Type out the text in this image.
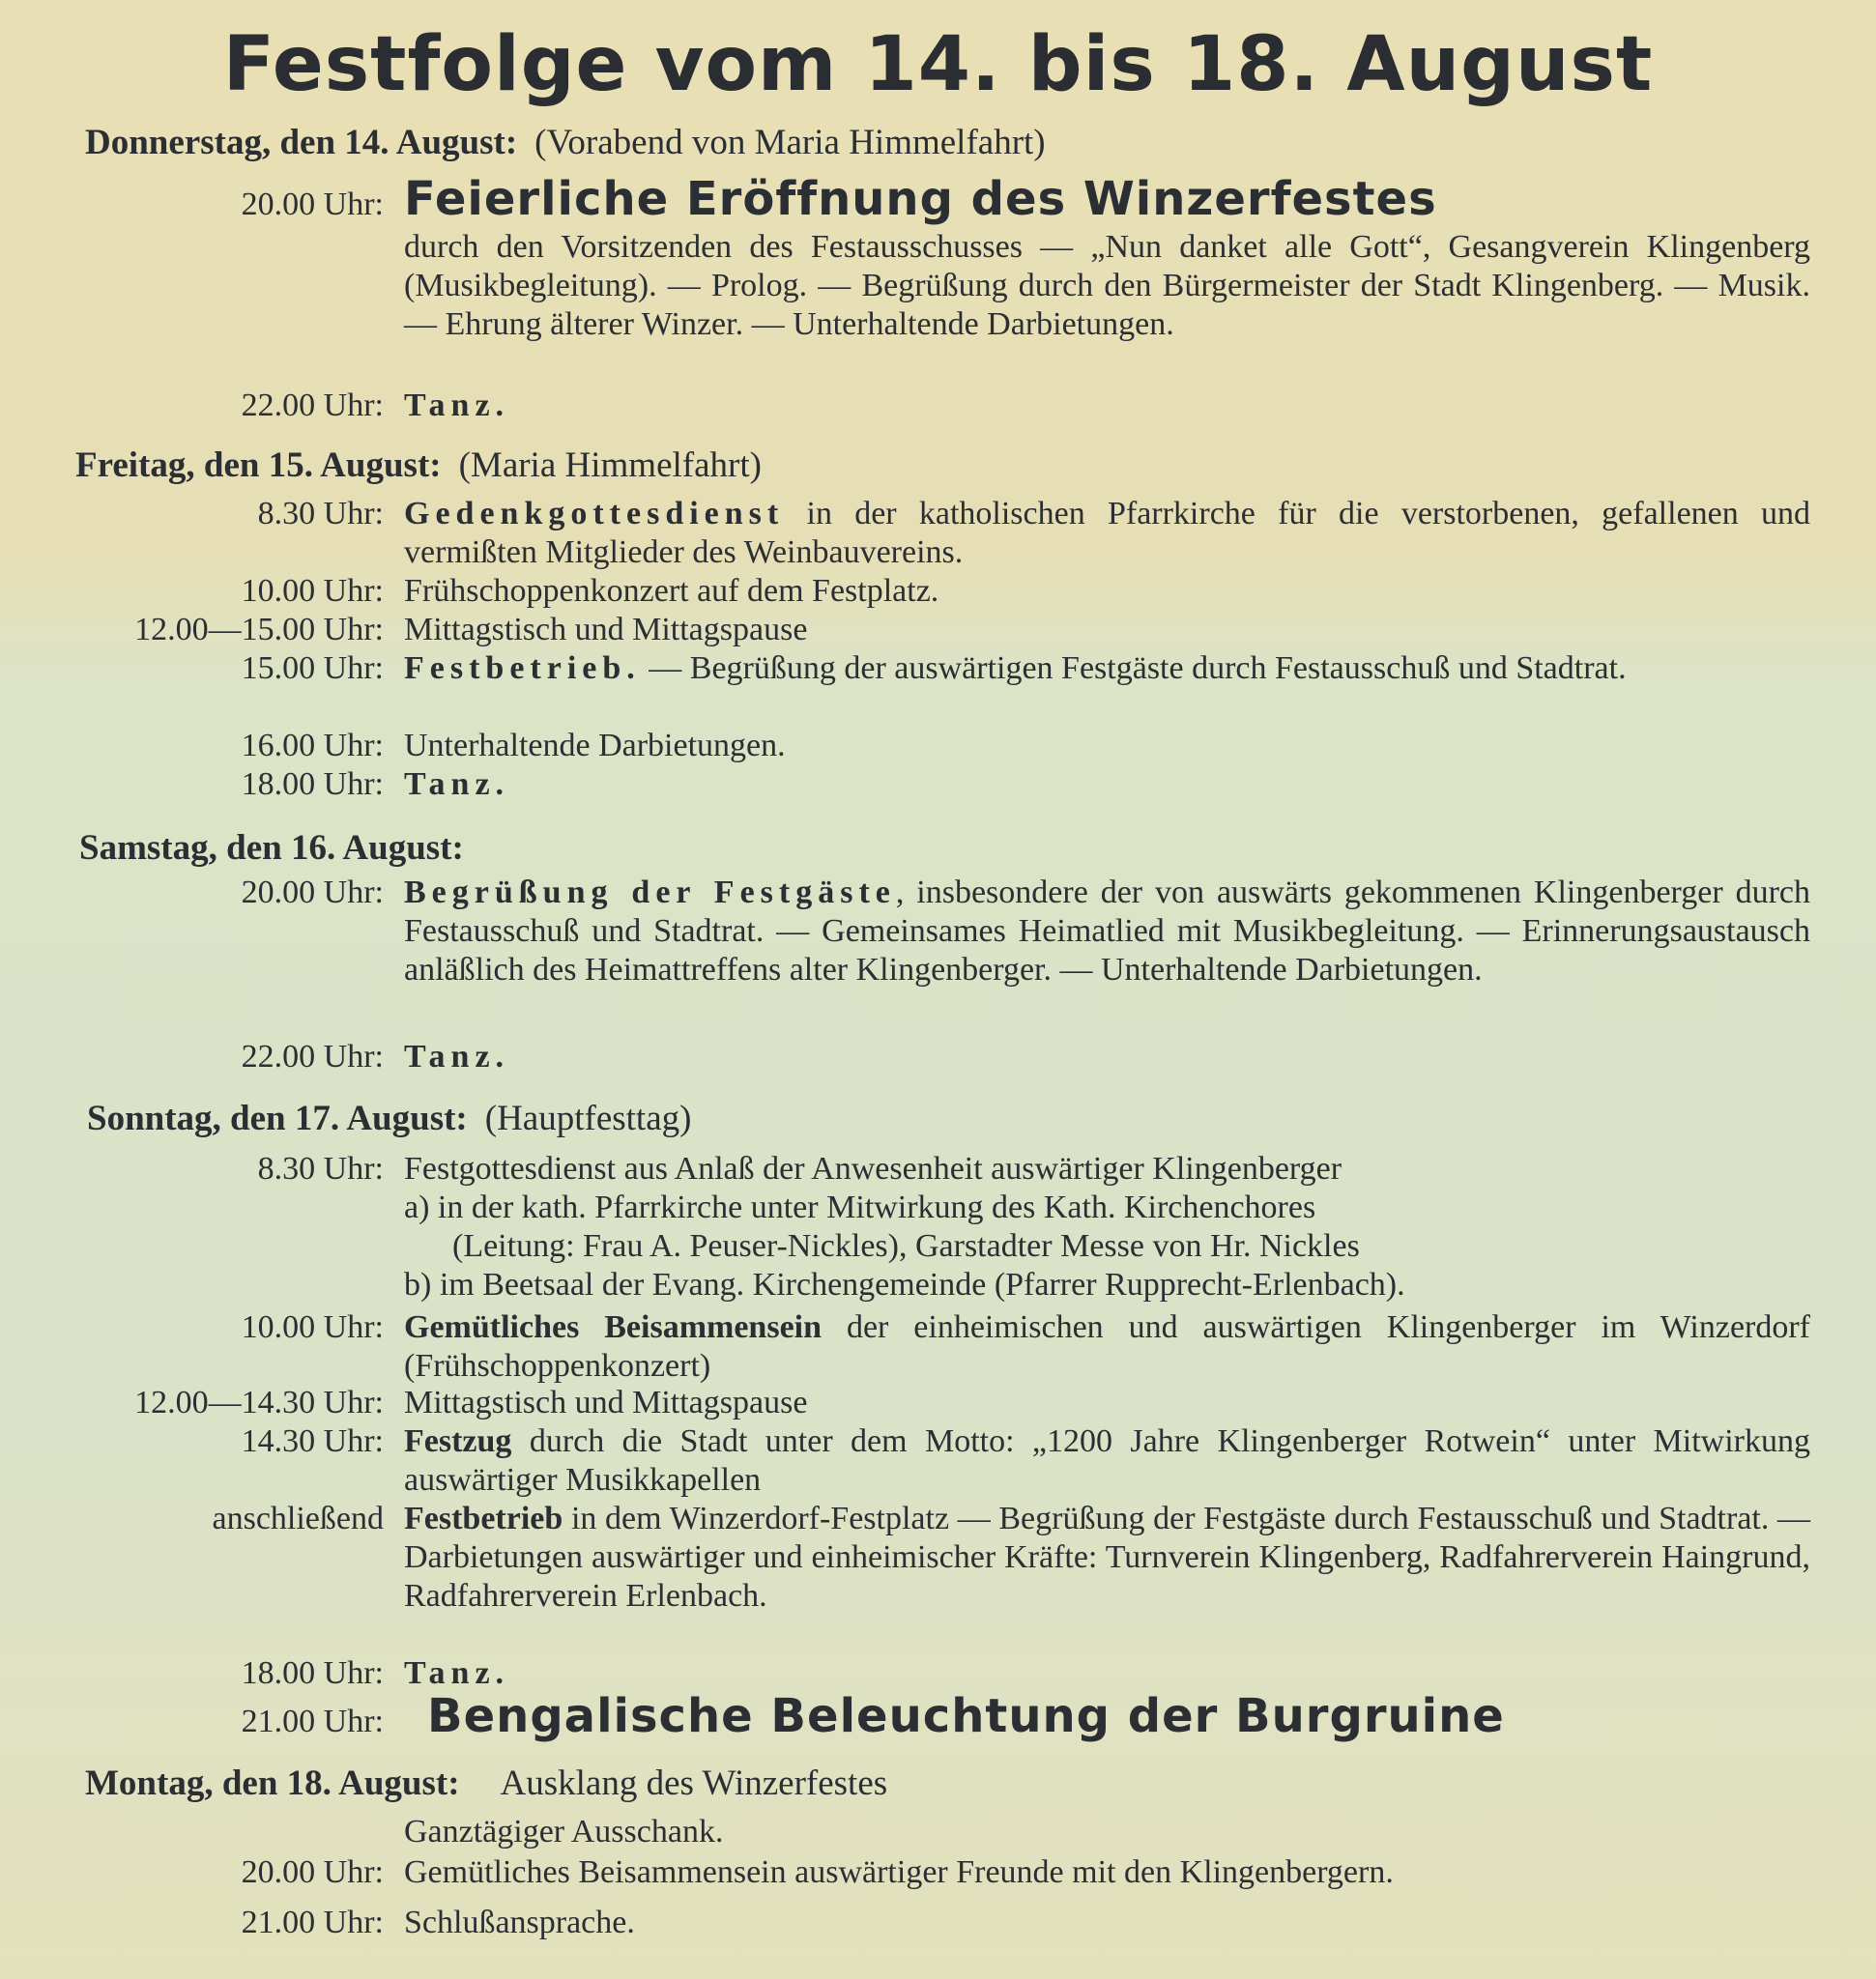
Festfolge vom 14. bis 18. August
Donnerstag, den 14. August: (Vorabend von Maria Himmelfahrt)
20.00 Uhr: Feierliche Eröffnung des Winzerfestes
durch den Vorsitzenden des Festausschusses — „Nun danket alle Gott“, Gesangverein Klingenberg (Musikbegleitung). — Prolog. — Begrüßung durch den Bürgermeister der Stadt Klingenberg. — Musik. — Ehrung älterer Winzer. — Unterhaltende Darbietungen.
22.00 Uhr: Tanz.
Freitag, den 15. August: (Maria Himmelfahrt)
8.30 Uhr: Gedenkgottesdienst in der katholischen Pfarrkirche für die verstorbenen, gefallenen und vermißten Mitglieder des Weinbauvereins.
10.00 Uhr: Frühschoppenkonzert auf dem Festplatz.
12.00—15.00 Uhr: Mittagstisch und Mittagspause
15.00 Uhr: Festbetrieb. — Begrüßung der auswärtigen Festgäste durch Festausschuß und Stadtrat.
16.00 Uhr: Unterhaltende Darbietungen.
18.00 Uhr: Tanz.
Samstag, den 16. August:
20.00 Uhr: Begrüßung der Festgäste, insbesondere der von auswärts gekommenen Klingenberger durch Festausschuß und Stadtrat. — Gemeinsames Heimatlied mit Musikbegleitung. — Erinnerungsaustausch anläßlich des Heimattreffens alter Klingenberger. — Unterhaltende Darbietungen.
22.00 Uhr: Tanz.
Sonntag, den 17. August: (Hauptfesttag)
8.30 Uhr: Festgottesdienst aus Anlaß der Anwesenheit auswärtiger Klingenberger
a) in der kath. Pfarrkirche unter Mitwirkung des Kath. Kirchenchores
(Leitung: Frau A. Peuser-Nickles), Garstadter Messe von Hr. Nickles
b) im Beetsaal der Evang. Kirchengemeinde (Pfarrer Rupprecht-Erlenbach).
10.00 Uhr: Gemütliches Beisammensein der einheimischen und auswärtigen Klingenberger im Winzerdorf (Frühschoppenkonzert)
12.00—14.30 Uhr: Mittagstisch und Mittagspause
14.30 Uhr: Festzug durch die Stadt unter dem Motto: „1200 Jahre Klingenberger Rotwein“ unter Mitwirkung auswärtiger Musikkapellen
anschließend Festbetrieb in dem Winzerdorf-Festplatz — Begrüßung der Festgäste durch Festausschuß und Stadtrat. — Darbietungen auswärtiger und einheimischer Kräfte: Turnverein Klingenberg, Radfahrerverein Haingrund, Radfahrerverein Erlenbach.
18.00 Uhr: Tanz.
21.00 Uhr: Bengalische Beleuchtung der Burgruine
Montag, den 18. August: Ausklang des Winzerfestes
Ganztägiger Ausschank.
20.00 Uhr: Gemütliches Beisammensein auswärtiger Freunde mit den Klingenbergern.
21.00 Uhr: Schlußansprache.
